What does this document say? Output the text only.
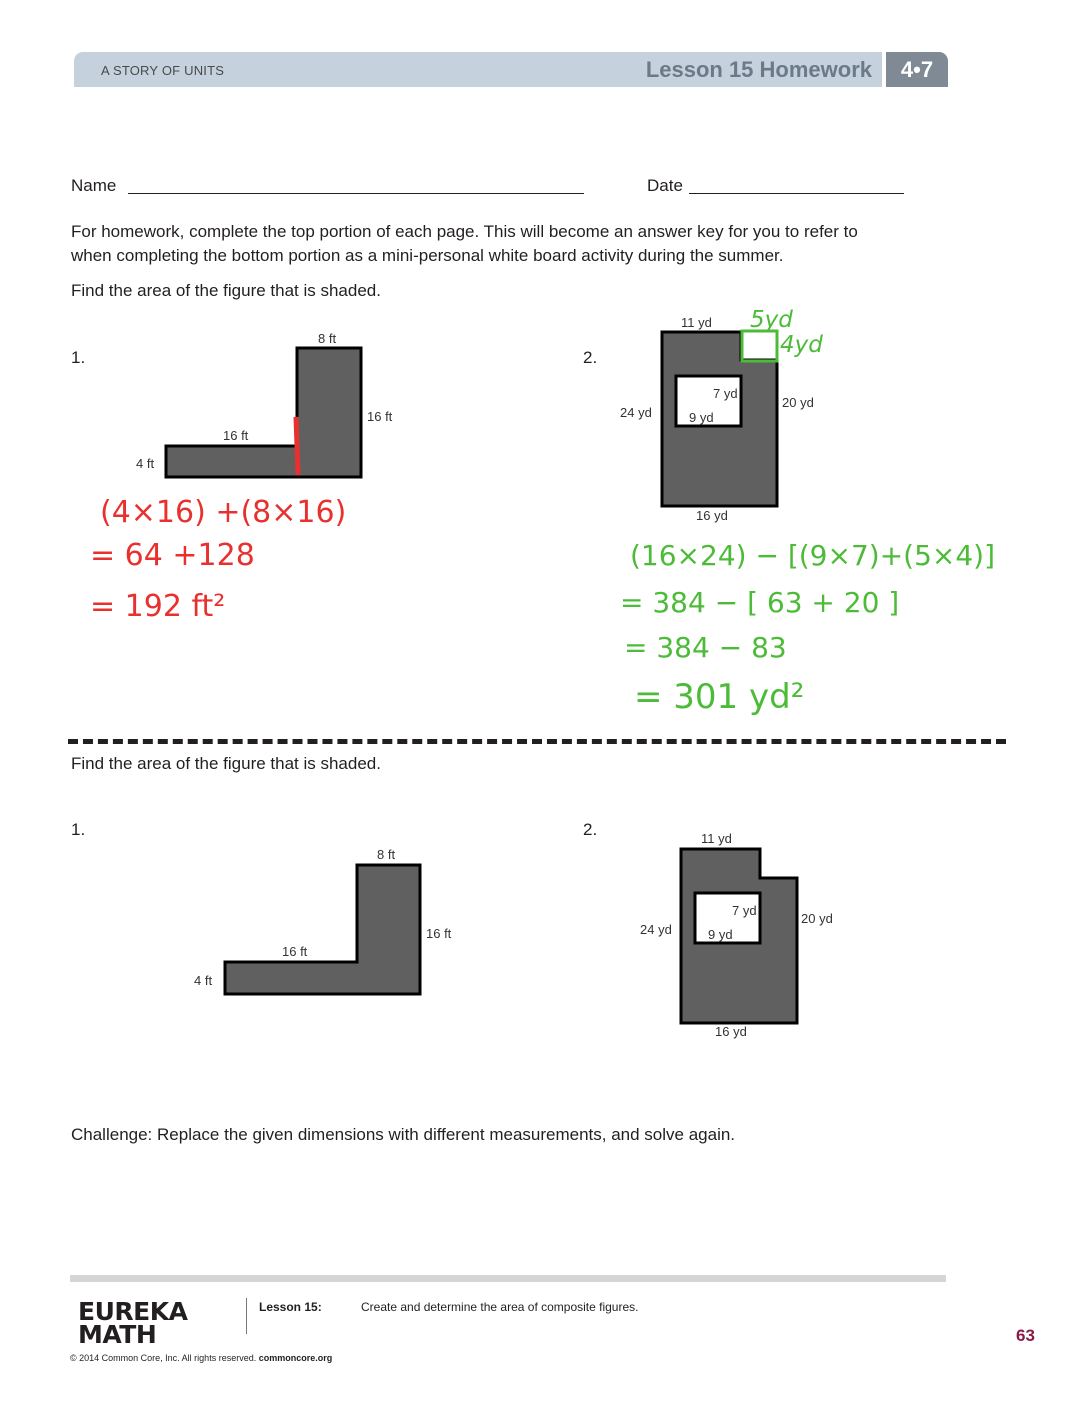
A STORY OF UNITS	Lesson 15 Homework	4•7
Name	Date
For homework, complete the top portion of each page. This will become an answer key for you to refer to
when completing the bottom portion as a mini-personal white board activity during the summer.
Find the area of the figure that is shaded.
1.	2.
8 ft
16 ft
16 ft
4 ft
11 yd
7 yd
9 yd
24 yd
20 yd
16 yd
5yd
4yd
(4×16) +(8×16)
= 64 +128
= 192 ft²
(16×24) − [(9×7)+(5×4)]
= 384 − [ 63 + 20 ]
= 384 − 83
= 301 yd²
8 ft
16 ft
16 ft
4 ft
11 yd
7 yd
9 yd
24 yd
20 yd
16 yd
Find the area of the figure that is shaded.
1.	2.
Challenge: Replace the given dimensions with different measurements, and solve again.
EUREKA
MATH
Lesson 15:	Create and determine the area of composite figures.
© 2014 Common Core, Inc. All rights reserved. commoncore.org
63
